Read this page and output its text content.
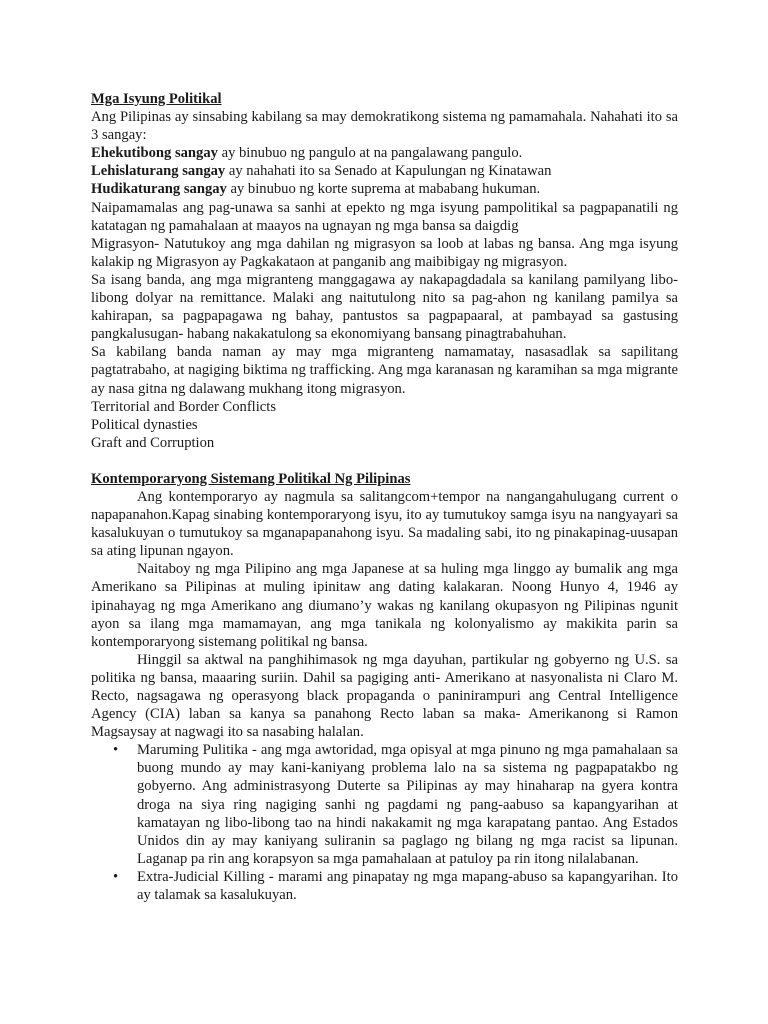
Mga Isyung Politikal

Ang Pilipinas ay sinsabing kabilang sa may demokratikong sistema ng pamamahala. Nahahati ito sa 3 sangay:

Ehekutibong sangay ay binubuo ng pangulo at na pangalawang pangulo.

Lehislaturang sangay ay nahahati ito sa Senado at Kapulungan ng Kinatawan

Hudikaturang sangay ay binubuo ng korte suprema at mababang hukuman.

Naipamamalas ang pag-unawa sa sanhi at epekto ng mga isyung pampolitikal sa pagpapanatili ng katatagan ng pamahalaan at maayos na ugnayan ng mga bansa sa daigdig

Migrasyon- Natutukoy ang mga dahilan ng migrasyon sa loob at labas ng bansa. Ang mga isyung kalakip ng Migrasyon ay Pagkakataon at panganib ang maibibigay ng migrasyon.

Sa isang banda, ang mga migranteng manggagawa ay nakapagdadala sa kanilang pamilyang libo-libong dolyar na remittance. Malaki ang naitutulong nito sa pag-ahon ng kanilang pamilya sa kahirapan, sa pagpapagawa ng bahay, pantustos sa pagpapaaral, at pambayad sa gastusing pangkalusugan- habang nakakatulong sa ekonomiyang bansang pinagtrabahuhan.

Sa kabilang banda naman ay may mga migranteng namamatay, nasasadlak sa sapilitang pagtatrabaho, at nagiging biktima ng trafficking. Ang mga karanasan ng karamihan sa mga migrante ay nasa gitna ng dalawang mukhang itong migrasyon.

Territorial and Border Conflicts

Political dynasties

Graft and Corruption

Kontemporaryong Sistemang Politikal Ng Pilipinas

Ang kontemporaryo ay nagmula sa salitangcom+tempor na nangangahulugang current o napapanahon.Kapag sinabing kontemporaryong isyu, ito ay tumutukoy samga isyu na nangyayari sa kasalukuyan o tumutukoy sa mganapapanahong isyu. Sa madaling sabi, ito ng pinakapinag-uusapan sa ating lipunan ngayon.

Naitaboy ng mga Pilipino ang mga Japanese at sa huling mga linggo ay bumalik ang mga Amerikano sa Pilipinas at muling ipinitaw ang dating kalakaran. Noong Hunyo 4, 1946 ay ipinahayag ng mga Amerikano ang diumano’y wakas ng kanilang okupasyon ng Pilipinas ngunit ayon sa ilang mga mamamayan, ang mga tanikala ng kolonyalismo ay makikita parin sa kontemporaryong sistemang politikal ng bansa.

Hinggil sa aktwal na panghihimasok ng mga dayuhan, partikular ng gobyerno ng U.S. sa politika ng bansa, maaaring suriin. Dahil sa pagiging anti- Amerikano at nasyonalista ni Claro M. Recto, nagsagawa ng operasyong black propaganda o paninirampuri ang Central Intelligence Agency (CIA) laban sa kanya sa panahong Recto laban sa maka- Amerikanong si Ramon Magsaysay at nagwagi ito sa nasabing halalan.

• Maruming Pulitika - ang mga awtoridad, mga opisyal at mga pinuno ng mga pamahalaan sa buong mundo ay may kani-kaniyang problema lalo na sa sistema ng pagpapatakbo ng gobyerno. Ang administrasyong Duterte sa Pilipinas ay may hinaharap na gyera kontra droga na siya ring nagiging sanhi ng pagdami ng pang-aabuso sa kapangyarihan at kamatayan ng libo-libong tao na hindi nakakamit ng mga karapatang pantao. Ang Estados Unidos din ay may kaniyang suliranin sa paglago ng bilang ng mga racist sa lipunan. Laganap pa rin ang korapsyon sa mga pamahalaan at patuloy pa rin itong nilalabanan.
• Extra-Judicial Killing - marami ang pinapatay ng mga mapang-abuso sa kapangyarihan. Ito ay talamak sa kasalukuyan.
